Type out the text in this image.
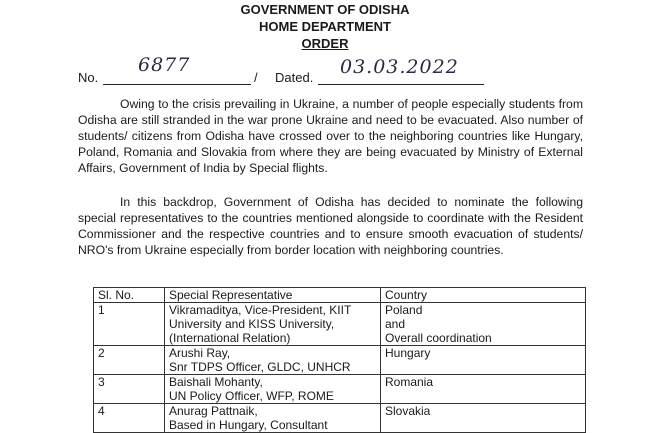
GOVERNMENT OF ODISHA
HOME DEPARTMENT
ORDER
No.
6877
/ Dated. 03.03.2022
Owing to the crisis prevailing in Ukraine, a number of people especially students from Odisha are still stranded in the war prone Ukraine and need to be evacuated. Also number of students/ citizens from Odisha have crossed over to the neighboring countries like Hungary, Poland, Romania and Slovakia from where they are being evacuated by Ministry of External Affairs, Government of India by Special flights.
In this backdrop, Government of Odisha has decided to nominate the following special representatives to the countries mentioned alongside to coordinate with the Resident Commissioner and the respective countries and to ensure smooth evacuation of students/ NRO's from Ukraine especially from border location with neighboring countries.
Sl. No.	Special Representative	Country
1	Vikramaditya, Vice-President, KIIT
University and KISS University,
(International Relation)	Poland
and
Overall coordination

2	Arushi Ray,
Snr TDPS Officer, GLDC, UNHCR	Hungary

3	Baishali Mohanty,
UN Policy Officer, WFP, ROME	Romania

4	Anurag Pattnaik,
Based in Hungary, Consultant	Slovakia
